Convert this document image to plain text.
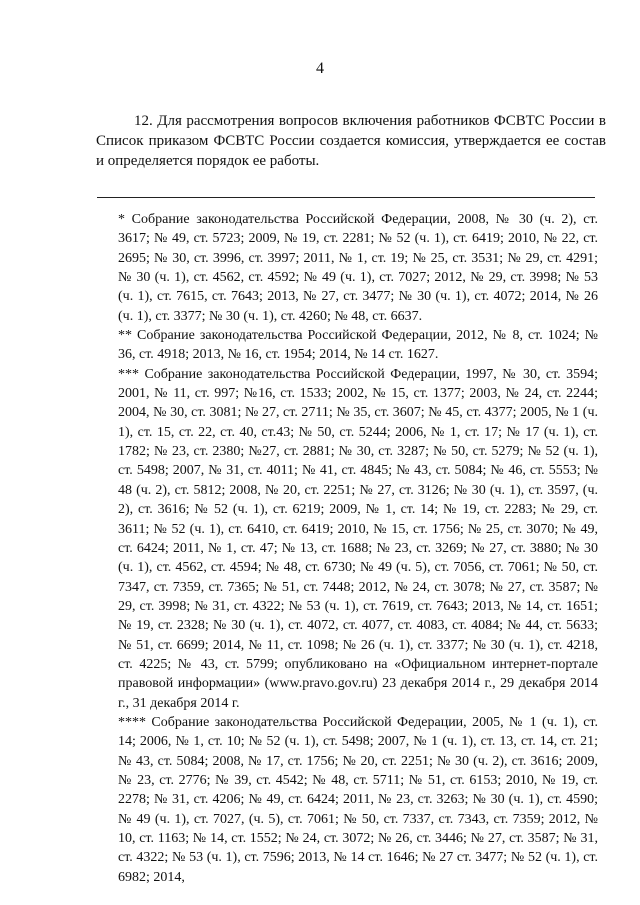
4

12. Для рассмотрения вопросов включения работников ФСВТС России в Список приказом ФСВТС России создается комиссия, утверждается ее состав и определяется порядок ее работы.

* Собрание законодательства Российской Федерации, 2008, № 30 (ч. 2), ст. 3617; № 49, ст. 5723; 2009, № 19, ст. 2281; № 52 (ч. 1), ст. 6419; 2010, № 22, ст. 2695; № 30, ст. 3996, ст. 3997; 2011, № 1, ст. 19; № 25, ст. 3531; № 29, ст. 4291; № 30 (ч. 1), ст. 4562, ст. 4592; № 49 (ч. 1), ст. 7027; 2012, № 29, ст. 3998; № 53 (ч. 1), ст. 7615, ст. 7643; 2013, № 27, ст. 3477; № 30 (ч. 1), ст. 4072; 2014, № 26 (ч. 1), ст. 3377; № 30 (ч. 1), ст. 4260; № 48, ст. 6637.

** Собрание законодательства Российской Федерации, 2012, № 8, ст. 1024; № 36, ст. 4918; 2013, № 16, ст. 1954; 2014, № 14 ст. 1627.

*** Собрание законодательства Российской Федерации, 1997, № 30, ст. 3594; 2001, № 11, ст. 997; №16, ст. 1533; 2002, № 15, ст. 1377; 2003, № 24, ст. 2244; 2004, № 30, ст. 3081; № 27, ст. 2711; № 35, ст. 3607; № 45, ст. 4377; 2005, № 1 (ч. 1), ст. 15, ст. 22, ст. 40, ст.43; № 50, ст. 5244; 2006, № 1, ст. 17; № 17 (ч. 1), ст. 1782; № 23, ст. 2380; №27, ст. 2881; № 30, ст. 3287; № 50, ст. 5279; № 52 (ч. 1), ст. 5498; 2007, № 31, ст. 4011; № 41, ст. 4845; № 43, ст. 5084; № 46, ст. 5553; № 48 (ч. 2), ст. 5812; 2008, № 20, ст. 2251; № 27, ст. 3126; № 30 (ч. 1), ст. 3597, (ч. 2), ст. 3616; № 52 (ч. 1), ст. 6219; 2009, № 1, ст. 14; № 19, ст. 2283; № 29, ст. 3611; № 52 (ч. 1), ст. 6410, ст. 6419; 2010, № 15, ст. 1756; № 25, ст. 3070; № 49, ст. 6424; 2011, № 1, ст. 47; № 13, ст. 1688; № 23, ст. 3269; № 27, ст. 3880; № 30 (ч. 1), ст. 4562, ст. 4594; № 48, ст. 6730; № 49 (ч. 5), ст. 7056, ст. 7061; № 50, ст. 7347, ст. 7359, ст. 7365; № 51, ст. 7448; 2012, № 24, ст. 3078; № 27, ст. 3587; № 29, ст. 3998; № 31, ст. 4322; № 53 (ч. 1), ст. 7619, ст. 7643; 2013, № 14, ст. 1651; № 19, ст. 2328; № 30 (ч. 1), ст. 4072, ст. 4077, ст. 4083, ст. 4084; № 44, ст. 5633; № 51, ст. 6699; 2014, № 11, ст. 1098; № 26 (ч. 1), ст. 3377; № 30 (ч. 1), ст. 4218, ст. 4225; № 43, ст. 5799; опубликовано на «Официальном интернет-портале правовой информации» (www.pravo.gov.ru) 23 декабря 2014 г., 29 декабря 2014 г., 31 декабря 2014 г.

**** Собрание законодательства Российской Федерации, 2005, № 1 (ч. 1), ст. 14; 2006, № 1, ст. 10; № 52 (ч. 1), ст. 5498; 2007, № 1 (ч. 1), ст. 13, ст. 14, ст. 21; № 43, ст. 5084; 2008, № 17, ст. 1756; № 20, ст. 2251; № 30 (ч. 2), ст. 3616; 2009, № 23, ст. 2776; № 39, ст. 4542; № 48, ст. 5711; № 51, ст. 6153; 2010, № 19, ст. 2278; № 31, ст. 4206; № 49, ст. 6424; 2011, № 23, ст. 3263; № 30 (ч. 1), ст. 4590; № 49 (ч. 1), ст. 7027, (ч. 5), ст. 7061; № 50, ст. 7337, ст. 7343, ст. 7359; 2012, № 10, ст. 1163; № 14, ст. 1552; № 24, ст. 3072; № 26, ст. 3446; № 27, ст. 3587; № 31, ст. 4322; № 53 (ч. 1), ст. 7596; 2013, № 14 ст. 1646; № 27 ст. 3477; № 52 (ч. 1), ст. 6982; 2014,
